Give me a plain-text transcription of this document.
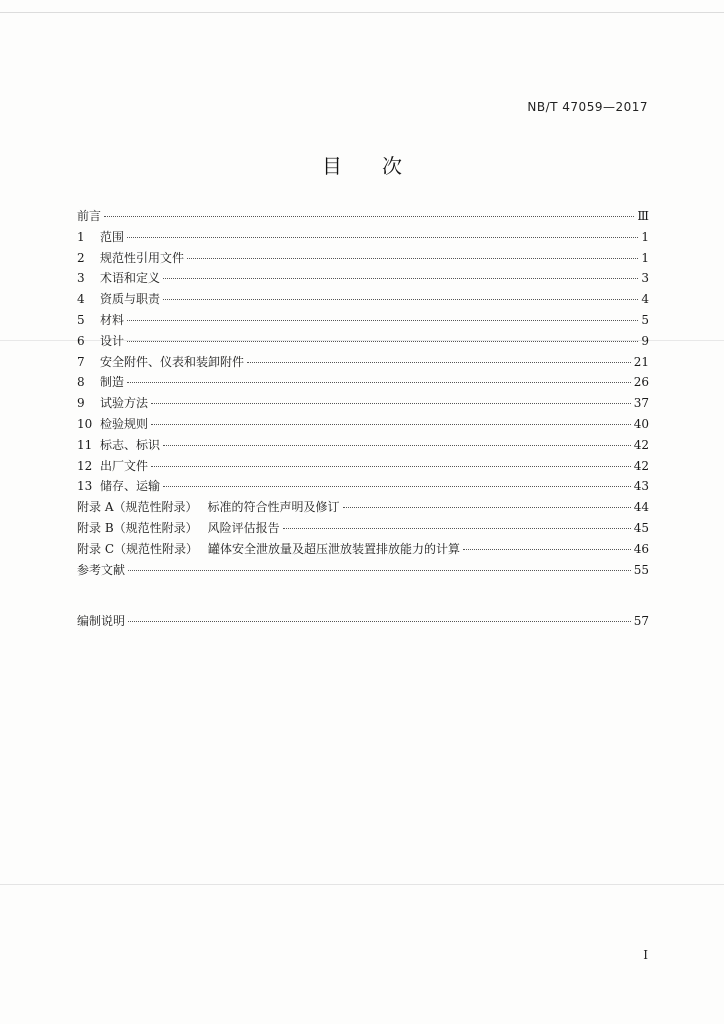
NB/T 47059—2017
目 次
前言	Ⅲ
1	范围	1
2	规范性引用文件	1
3	术语和定义	3
4	资质与职责	4
5	材料	5
6	设计	9
7	安全附件、仪表和装卸附件	21
8	制造	26
9	试验方法	37
10 检验规则	40
11 标志、标识	42
12 出厂文件	42
13 储存、运输	43
附录 A（规范性附录） 标准的符合性声明及修订	44
附录 B（规范性附录） 风险评估报告	45
附录 C（规范性附录） 罐体安全泄放量及超压泄放装置排放能力的计算	46
参考文献	55
编制说明	57
I
